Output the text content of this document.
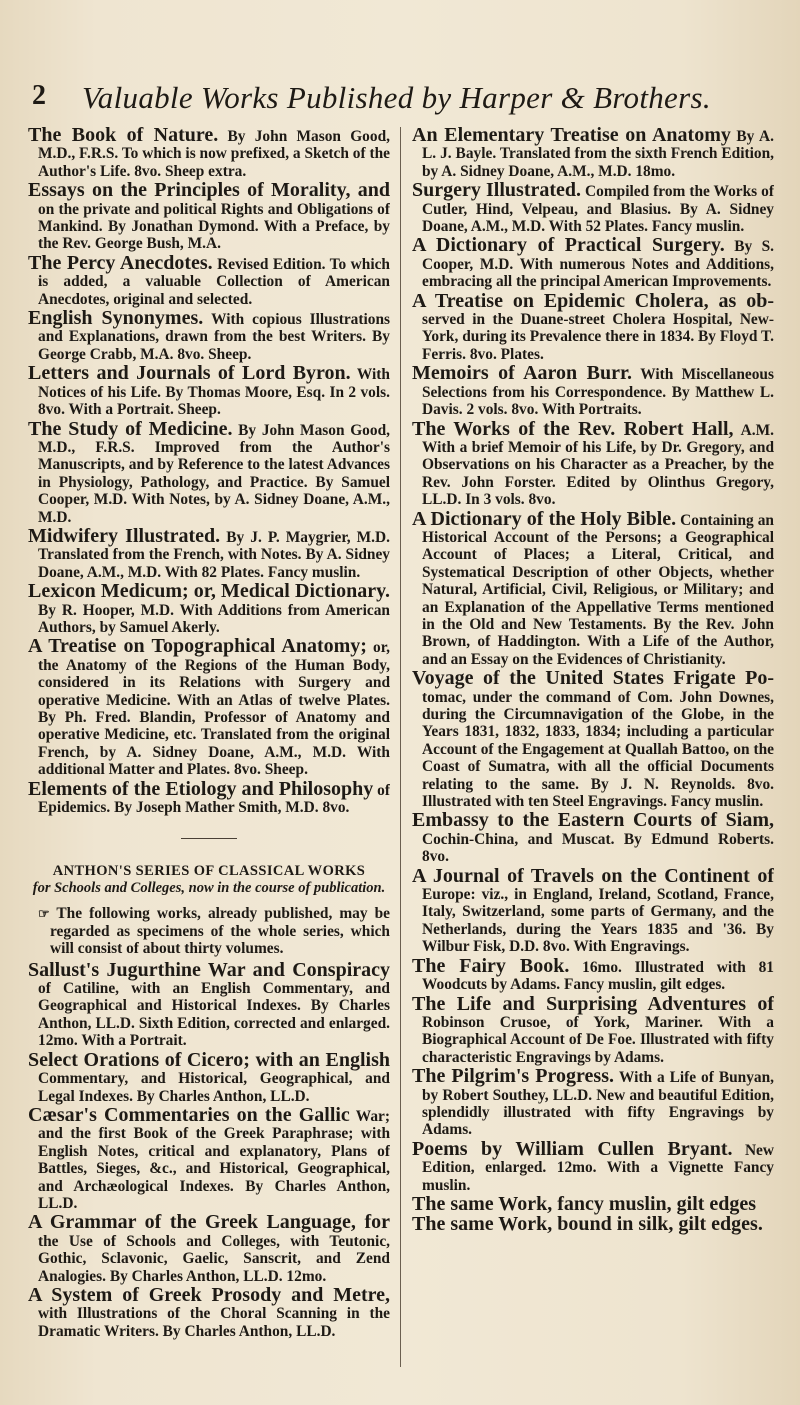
2 Valuable Works Published by Harper & Brothers.

The Book of Nature. By John Mason Good, M.D., F.R.S. To which is now prefixed, a Sketch of the Author's Life. 8vo. Sheep extra.

Essays on the Principles of Morality, and on the private and political Rights and Obligations of Mankind. By Jonathan Dymond. With a Preface, by the Rev. George Bush, M.A.

The Percy Anecdotes. Revised Edition. To which is added, a valuable Collection of American Anecdotes, original and selected.

English Synonymes. With copious Illustrations and Explanations, drawn from the best Writers. By George Crabb, M.A. 8vo. Sheep.

Letters and Journals of Lord Byron. With Notices of his Life. By Thomas Moore, Esq. In 2 vols. 8vo. With a Portrait. Sheep.

The Study of Medicine. By John Mason Good, M.D., F.R.S. Improved from the Author's Manuscripts, and by Reference to the latest Advances in Physiology, Pathology, and Practice. By Samuel Cooper, M.D. With Notes, by A. Sidney Doane, A.M., M.D.

Midwifery Illustrated. By J. P. Maygrier, M.D. Translated from the French, with Notes. By A. Sidney Doane, A.M., M.D. With 82 Plates. Fancy muslin.

Lexicon Medicum; or, Medical Dictionary. By R. Hooper, M.D. With Additions from American Authors, by Samuel Akerly.

A Treatise on Topographical Anatomy; or, the Anatomy of the Regions of the Human Body, considered in its Relations with Surgery and operative Medicine. With an Atlas of twelve Plates. By Ph. Fred. Blandin, Professor of Anatomy and operative Medicine, etc. Translated from the original French, by A. Sidney Doane, A.M., M.D. With additional Matter and Plates. 8vo. Sheep.

Elements of the Etiology and Philosophy of Epidemics. By Joseph Mather Smith, M.D. 8vo.

ANTHON'S SERIES OF CLASSICAL WORKS

for Schools and Colleges, now in the course of publication.

☞ The following works, already published, may be regarded as specimens of the whole series, which will consist of about thirty volumes.

Sallust's Jugurthine War and Conspiracy of Catiline, with an English Commentary, and Geographical and Historical Indexes. By Charles Anthon, LL.D. Sixth Edition, corrected and enlarged. 12mo. With a Portrait.

Select Orations of Cicero; with an English Commentary, and Historical, Geographical, and Legal Indexes. By Charles Anthon, LL.D.

Cæsar's Commentaries on the Gallic War; and the first Book of the Greek Paraphrase; with English Notes, critical and explanatory, Plans of Battles, Sieges, &c., and Historical, Geographical, and Archæological Indexes. By Charles Anthon, LL.D.

A Grammar of the Greek Language, for the Use of Schools and Colleges, with Teutonic, Gothic, Sclavonic, Gaelic, Sanscrit, and Zend Analogies. By Charles Anthon, LL.D. 12mo.

A System of Greek Prosody and Metre, with Illustrations of the Choral Scanning in the Dramatic Writers. By Charles Anthon, LL.D.

An Elementary Treatise on Anatomy By A. L. J. Bayle. Translated from the sixth French Edition, by A. Sidney Doane, A.M., M.D. 18mo.

Surgery Illustrated. Compiled from the Works of Cutler, Hind, Velpeau, and Blasius. By A. Sidney Doane, A.M., M.D. With 52 Plates. Fancy muslin.

A Dictionary of Practical Surgery. By S. Cooper, M.D. With numerous Notes and Additions, embracing all the principal American Improvements.

A Treatise on Epidemic Cholera, as ob- served in the Duane-street Cholera Hospital, New-York, during its Prevalence there in 1834. By Floyd T. Ferris. 8vo. Plates.

Memoirs of Aaron Burr. With Miscellaneous Selections from his Correspondence. By Matthew L. Davis. 2 vols. 8vo. With Portraits.

The Works of the Rev. Robert Hall, A.M. With a brief Memoir of his Life, by Dr. Gregory, and Observations on his Character as a Preacher, by the Rev. John Forster. Edited by Olinthus Gregory, LL.D. In 3 vols. 8vo.

A Dictionary of the Holy Bible. Containing an Historical Account of the Persons; a Geographical Account of Places; a Literal, Critical, and Systematical Description of other Objects, whether Natural, Artificial, Civil, Religious, or Military; and an Explanation of the Appellative Terms mentioned in the Old and New Testaments. By the Rev. John Brown, of Haddington. With a Life of the Author, and an Essay on the Evidences of Christianity.

Voyage of the United States Frigate Po- tomac, under the command of Com. John Downes, during the Circumnavigation of the Globe, in the Years 1831, 1832, 1833, 1834; including a particular Account of the Engagement at Quallah Battoo, on the Coast of Sumatra, with all the official Documents relating to the same. By J. N. Reynolds. 8vo. Illustrated with ten Steel Engravings. Fancy muslin.

Embassy to the Eastern Courts of Siam, Cochin-China, and Muscat. By Edmund Roberts. 8vo.

A Journal of Travels on the Continent of Europe: viz., in England, Ireland, Scotland, France, Italy, Switzerland, some parts of Germany, and the Netherlands, during the Years 1835 and '36. By Wilbur Fisk, D.D. 8vo. With Engravings.

The Fairy Book. 16mo. Illustrated with 81 Woodcuts by Adams. Fancy muslin, gilt edges.

The Life and Surprising Adventures of Robinson Crusoe, of York, Mariner. With a Biographical Account of De Foe. Illustrated with fifty characteristic Engravings by Adams.

The Pilgrim's Progress. With a Life of Bunyan, by Robert Southey, LL.D. New and beautiful Edition, splendidly illustrated with fifty Engravings by Adams.

Poems by William Cullen Bryant. New Edition, enlarged. 12mo. With a Vignette Fancy muslin.

The same Work, fancy muslin, gilt edges

The same Work, bound in silk, gilt edges.
